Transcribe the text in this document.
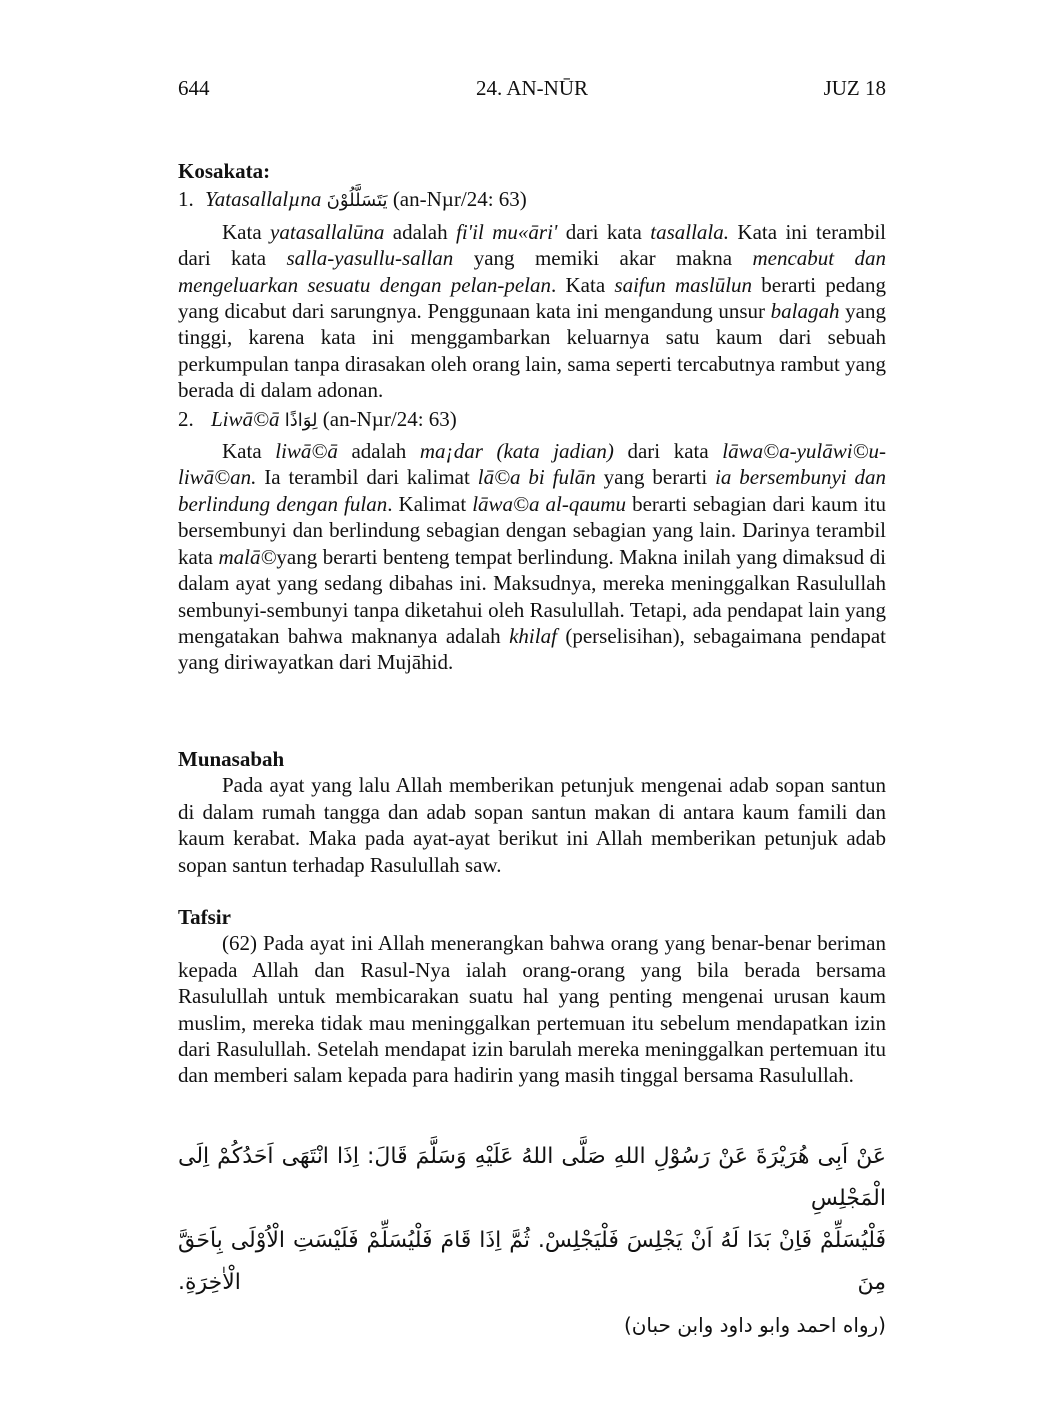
644	24. AN-NŪR	JUZ 18
Kosakata:
1. Yatasallalµna يَتَسَلَّلُوْنَ (an-Nµr/24: 63)

Kata yatasallalūna adalah fi'il mu«āri' dari kata tasallala. Kata ini terambil dari kata salla-yasullu-sallan yang memiki akar makna mencabut dan mengeluarkan sesuatu dengan pelan-pelan. Kata saifun maslūlun berarti pedang yang dicabut dari sarungnya. Penggunaan kata ini mengandung unsur balagah yang tinggi, karena kata ini menggambarkan keluarnya satu kaum dari sebuah perkumpulan tanpa dirasakan oleh orang lain, sama seperti tercabutnya rambut yang berada di dalam adonan.

2. Liwā©ā لِوَاذًا (an-Nµr/24: 63)

Kata liwā©ā adalah ma¡dar (kata jadian) dari kata lāwa©a-yulāwi©u-liwā©an. Ia terambil dari kalimat lā©a bi fulān yang berarti ia bersembunyi dan berlindung dengan fulan. Kalimat lāwa©a al-qaumu berarti sebagian dari kaum itu bersembunyi dan berlindung sebagian dengan sebagian yang lain. Darinya terambil kata malā©yang berarti benteng tempat berlindung. Makna inilah yang dimaksud di dalam ayat yang sedang dibahas ini. Maksudnya, mereka meninggalkan Rasulullah sembunyi-sembunyi tanpa diketahui oleh Rasulullah. Tetapi, ada pendapat lain yang mengatakan bahwa maknanya adalah khilaf (perselisihan), sebagaimana pendapat yang diriwayatkan dari Mujāhid.

Munasabah

Pada ayat yang lalu Allah memberikan petunjuk mengenai adab sopan santun di dalam rumah tangga dan adab sopan santun makan di antara kaum famili dan kaum kerabat. Maka pada ayat-ayat berikut ini Allah memberikan petunjuk adab sopan santun terhadap Rasulullah saw.

Tafsir

(62) Pada ayat ini Allah menerangkan bahwa orang yang benar-benar beriman kepada Allah dan Rasul-Nya ialah orang-orang yang bila berada bersama Rasulullah untuk membicarakan suatu hal yang penting mengenai urusan kaum muslim, mereka tidak mau meninggalkan pertemuan itu sebelum mendapatkan izin dari Rasulullah. Setelah mendapat izin barulah mereka meninggalkan pertemuan itu dan memberi salam kepada para hadirin yang masih tinggal bersama Rasulullah.

عَنْ اَبِى هُرَيْرَةَ عَنْ رَسُوْلِ اللهِ صَلَّى اللهُ عَلَيْهِ وَسَلَّمَ قَالَ: اِذَا انْتَهَى اَحَدُكُمْ اِلَى الْمَجْلِسِ
فَلْيُسَلِّمْ فَاِنْ بَدَا لَهُ اَنْ يَجْلِسَ فَلْيَجْلِسْ. ثُمَّ اِذَا قَامَ فَلْيُسَلِّمْ فَلَيْسَتِ الْاُوْلَى بِاَحَقَّ مِنَ الْاٰخِرَةِ.
(رواه احمد وابو داود وابن حبان)
